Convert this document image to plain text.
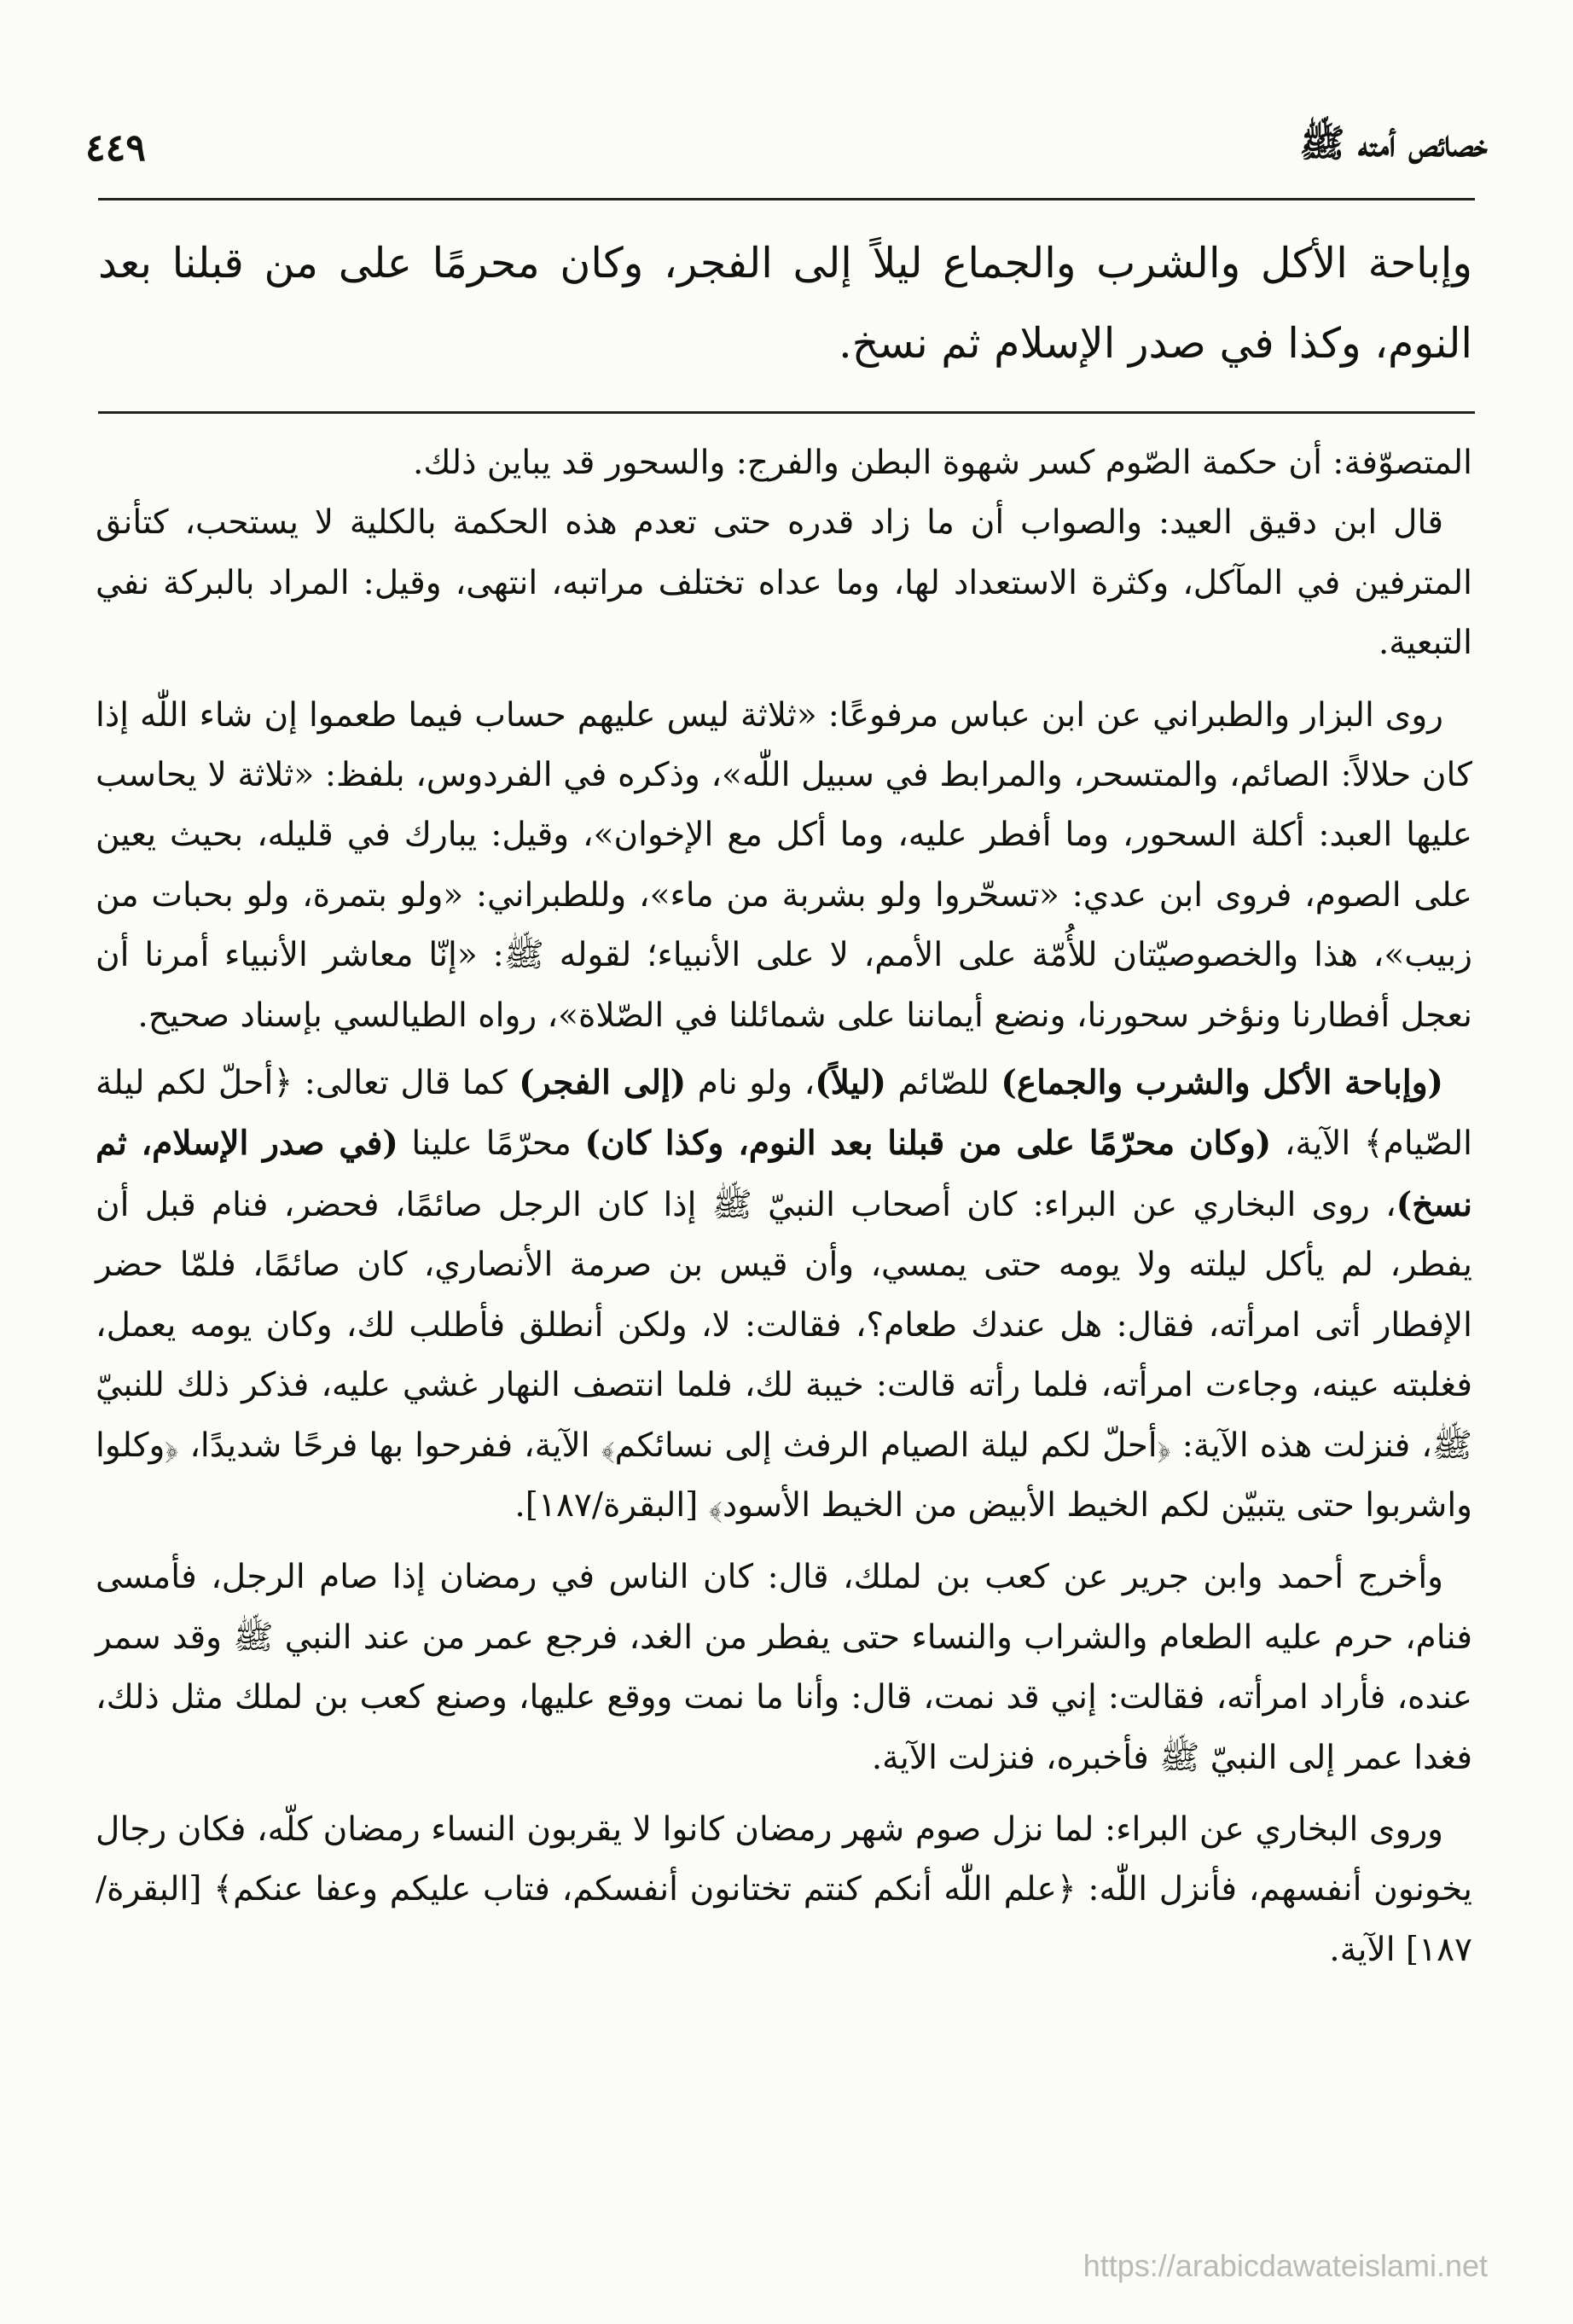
خصائص أمته ﷺ
٤٤٩
وإباحة الأكل والشرب والجماع ليلاً إلى الفجر، وكان محرمًا على من قبلنا بعد النوم، وكذا في صدر الإسلام ثم نسخ.

المتصوّفة: أن حكمة الصّوم كسر شهوة البطن والفرج: والسحور قد يباين ذلك.

قال ابن دقيق العيد: والصواب أن ما زاد قدره حتى تعدم هذه الحكمة بالكلية لا يستحب، كتأنق المترفين في المآكل، وكثرة الاستعداد لها، وما عداه تختلف مراتبه، انتهى، وقيل: المراد بالبركة نفي التبعية.

روى البزار والطبراني عن ابن عباس مرفوعًا: «ثلاثة ليس عليهم حساب فيما طعموا إن شاء اللّٰه إذا كان حلالاً: الصائم، والمتسحر، والمرابط في سبيل اللّٰه»، وذكره في الفردوس، بلفظ: «ثلاثة لا يحاسب عليها العبد: أكلة السحور، وما أفطر عليه، وما أكل مع الإخوان»، وقيل: يبارك في قليله، بحيث يعين على الصوم، فروى ابن عدي: «تسحّروا ولو بشربة من ماء»، وللطبراني: «ولو بتمرة، ولو بحبات من زبيب»، هذا والخصوصيّتان للأُمّة على الأمم، لا على الأنبياء؛ لقوله ﷺ: «إنّا معاشر الأنبياء أمرنا أن نعجل أفطارنا ونؤخر سحورنا، ونضع أيماننا على شمائلنا في الصّلاة»، رواه الطيالسي بإسناد صحيح.

(وإباحة الأكل والشرب والجماع) للصّائم (ليلاً)، ولو نام (إلى الفجر) كما قال تعالى: ﴿أحلّ لكم ليلة الصّيام﴾ الآية، (وكان محرّمًا على من قبلنا بعد النوم، وكذا كان) محرّمًا علينا (في صدر الإسلام، ثم نسخ)، روى البخاري عن البراء: كان أصحاب النبيّ ﷺ إذا كان الرجل صائمًا، فحضر، فنام قبل أن يفطر، لم يأكل ليلته ولا يومه حتى يمسي، وأن قيس بن صرمة الأنصاري، كان صائمًا، فلمّا حضر الإفطار أتى امرأته، فقال: هل عندك طعام؟، فقالت: لا، ولكن أنطلق فأطلب لك، وكان يومه يعمل، فغلبته عينه، وجاءت امرأته، فلما رأته قالت: خيبة لك، فلما انتصف النهار غشي عليه، فذكر ذلك للنبيّ ﷺ، فنزلت هذه الآية: ﴿أحلّ لكم ليلة الصيام الرفث إلى نسائكم﴾ الآية، ففرحوا بها فرحًا شديدًا، ﴿وكلوا واشربوا حتى يتبيّن لكم الخيط الأبيض من الخيط الأسود﴾ [البقرة/١٨٧].

وأخرج أحمد وابن جرير عن كعب بن لملك، قال: كان الناس في رمضان إذا صام الرجل، فأمسى فنام، حرم عليه الطعام والشراب والنساء حتى يفطر من الغد، فرجع عمر من عند النبي ﷺ وقد سمر عنده، فأراد امرأته، فقالت: إني قد نمت، قال: وأنا ما نمت ووقع عليها، وصنع كعب بن لملك مثل ذلك، فغدا عمر إلى النبيّ ﷺ فأخبره، فنزلت الآية.

وروى البخاري عن البراء: لما نزل صوم شهر رمضان كانوا لا يقربون النساء رمضان كلّه، فكان رجال يخونون أنفسهم، فأنزل اللّٰه: ﴿علم اللّٰه أنكم كنتم تختانون أنفسكم، فتاب عليكم وعفا عنكم﴾ [البقرة/١٨٧] الآية.

https://arabicdawateislami.net
